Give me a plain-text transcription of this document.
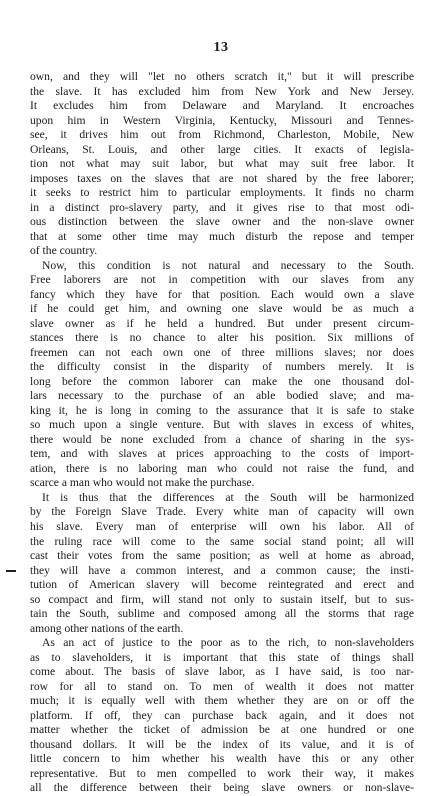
13
own, and they will "let no others scratch it," but it will prescribe
the slave. It has excluded him from New York and New Jersey.
It excludes him from Delaware and Maryland. It encroaches
upon him in Western Virginia, Kentucky, Missouri and Tennes-
see, it drives him out from Richmond, Charleston, Mobile, New
Orleans, St. Louis, and other large cities. It exacts of legisla-
tion not what may suit labor, but what may suit free labor. It
imposes taxes on the slaves that are not shared by the free laborer;
it seeks to restrict him to particular employments. It finds no charm
in a distinct pro-slavery party, and it gives rise to that most odi-
ous distinction between the slave owner and the non-slave owner
that at some other time may much disturb the repose and temper
of the country.
Now, this condition is not natural and necessary to the South.
Free laborers are not in competition with our slaves from any
fancy which they have for that position. Each would own a slave
if he could get him, and owning one slave would be as much a
slave owner as if he held a hundred. But under present circum-
stances there is no chance to alter his position. Six millions of
freemen can not each own one of three millions slaves; nor does
the difficulty consist in the disparity of numbers merely. It is
long before the common laborer can make the one thousand dol-
lars necessary to the purchase of an able bodied slave; and ma-
king it, he is long in coming to the assurance that it is safe to stake
so much upon a single venture. But with slaves in excess of whites,
there would be none excluded from a chance of sharing in the sys-
tem, and with slaves at prices approaching to the costs of import-
ation, there is no laboring man who could not raise the fund, and
scarce a man who would not make the purchase.
It is thus that the differences at the South will be harmonized
by the Foreign Slave Trade. Every white man of capacity will own
his slave. Every man of enterprise will own his labor. All of
the ruling race will come to the same social stand point; all will
cast their votes from the same position; as well at home as abroad,
they will have a common interest, and a common cause; the insti-
tution of American slavery will become reintegrated and erect and
so compact and firm, will stand not only to sustain itself, but to sus-
tain the South, sublime and composed among all the storms that rage
among other nations of the earth.
As an act of justice to the poor as to the rich, to non-slaveholders
as to slaveholders, it is important that this state of things shall
come about. The basis of slave labor, as I have said, is too nar-
row for all to stand on. To men of wealth it does not matter
much; it is equally well with them whether they are on or off the
platform. If off, they can purchase back again, and it does not
matter whether the ticket of admission be at one hundred or one
thousand dollars. It will be the index of its value, and it is of
little concern to him whether his wealth have this or any other
representative. But to men compelled to work their way, it makes
all the difference between their being slave owners or non-slave-
